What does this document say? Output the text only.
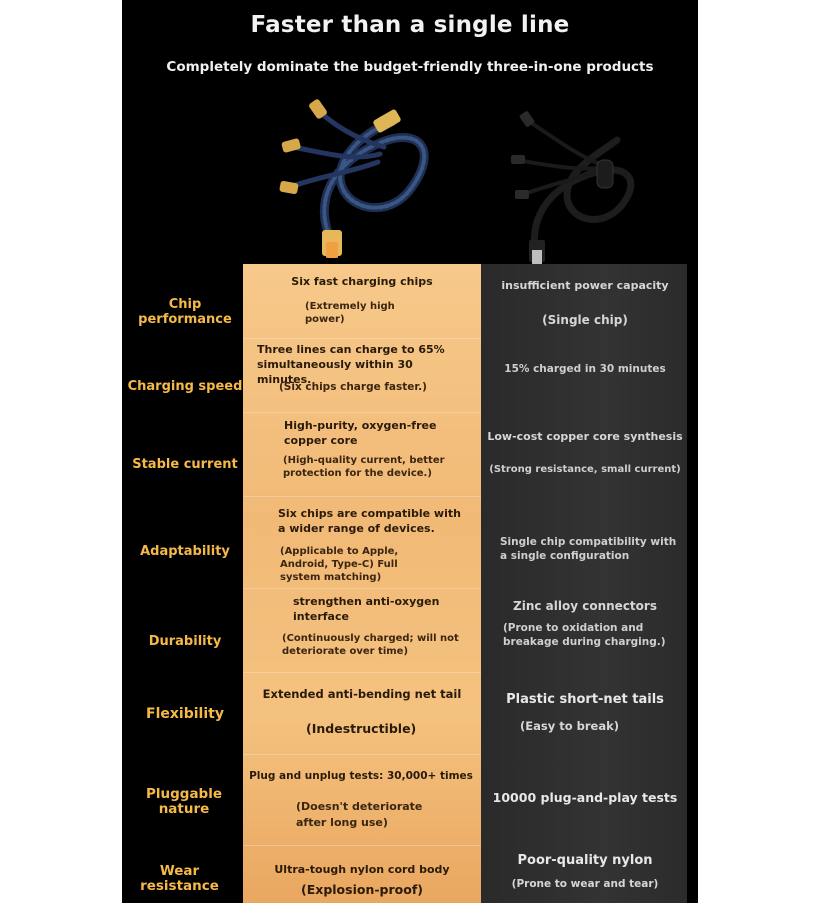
Faster than a single line
Completely dominate the budget-friendly three-in-one products
Chip performance
Six fast charging chips
(Extremely high power)
insufficient power capacity
(Single chip)
Charging speed
Three lines can charge to 65% simultaneously within 30 minutes.
(Six chips charge faster.)
15% charged in 30 minutes
Stable current
High-purity, oxygen-free copper core
(High-quality current, better protection for the device.)
Low-cost copper core synthesis
(Strong resistance, small current)
Adaptability
Six chips are compatible with a wider range of devices.
(Applicable to Apple, Android, Type-C) Full system matching)
Single chip compatibility with a single configuration
Durability
strengthen anti-oxygen interface
(Continuously charged; will not deteriorate over time)
Zinc alloy connectors
(Prone to oxidation and breakage during charging.)
Flexibility
Extended anti-bending net tail
(Indestructible)
Plastic short-net tails
(Easy to break)
Pluggable nature
Plug and unplug tests: 30,000+ times
(Doesn't deteriorate after long use)
10000 plug-and-play tests
Wear resistance
Ultra-tough nylon cord body
(Explosion-proof)
Poor-quality nylon
(Prone to wear and tear)
